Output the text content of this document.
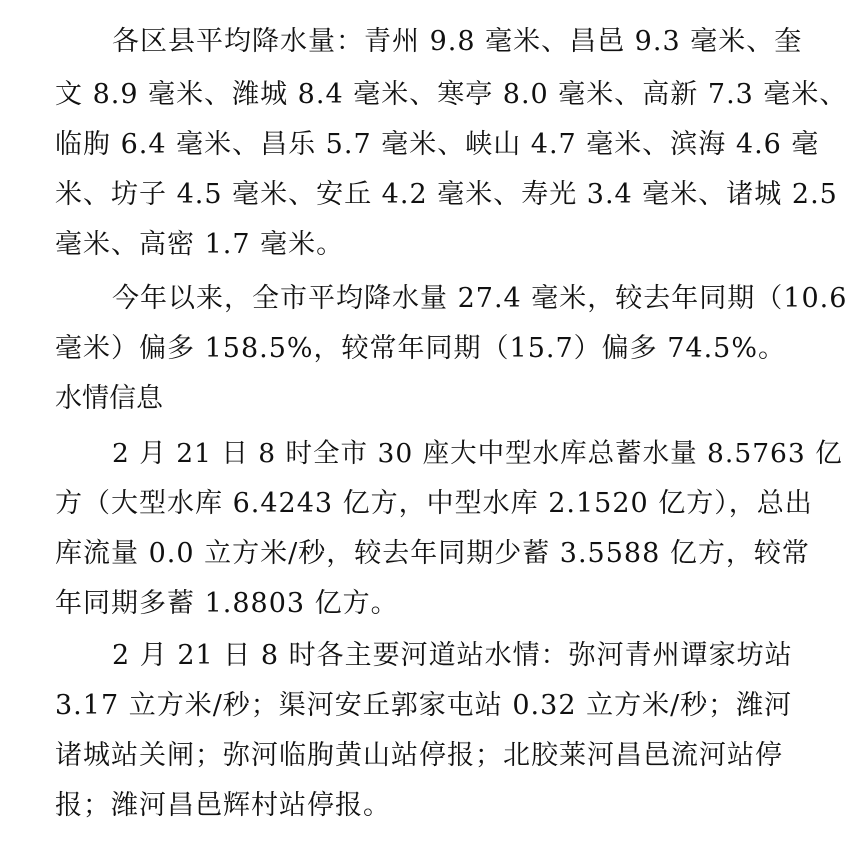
各区县平均降水量：青州 9.8 毫米、昌邑 9.3 毫米、奎
文 8.9 毫米、潍城 8.4 毫米、寒亭 8.0 毫米、高新 7.3 毫米、
临朐 6.4 毫米、昌乐 5.7 毫米、峡山 4.7 毫米、滨海 4.6 毫
米、坊子 4.5 毫米、安丘 4.2 毫米、寿光 3.4 毫米、诸城 2.5
毫米、高密 1.7 毫米。
今年以来，全市平均降水量 27.4 毫米，较去年同期（10.6
毫米）偏多 158.5%，较常年同期（15.7）偏多 74.5%。
水情信息
2 月 21 日 8 时全市 30 座大中型水库总蓄水量 8.5763 亿
方（大型水库 6.4243 亿方，中型水库 2.1520 亿方），总出
库流量 0.0 立方米/秒，较去年同期少蓄 3.5588 亿方，较常
年同期多蓄 1.8803 亿方。
2 月 21 日 8 时各主要河道站水情：弥河青州谭家坊站
3.17 立方米/秒；渠河安丘郭家屯站 0.32 立方米/秒；潍河
诸城站关闸；弥河临朐黄山站停报；北胶莱河昌邑流河站停
报；潍河昌邑辉村站停报。
